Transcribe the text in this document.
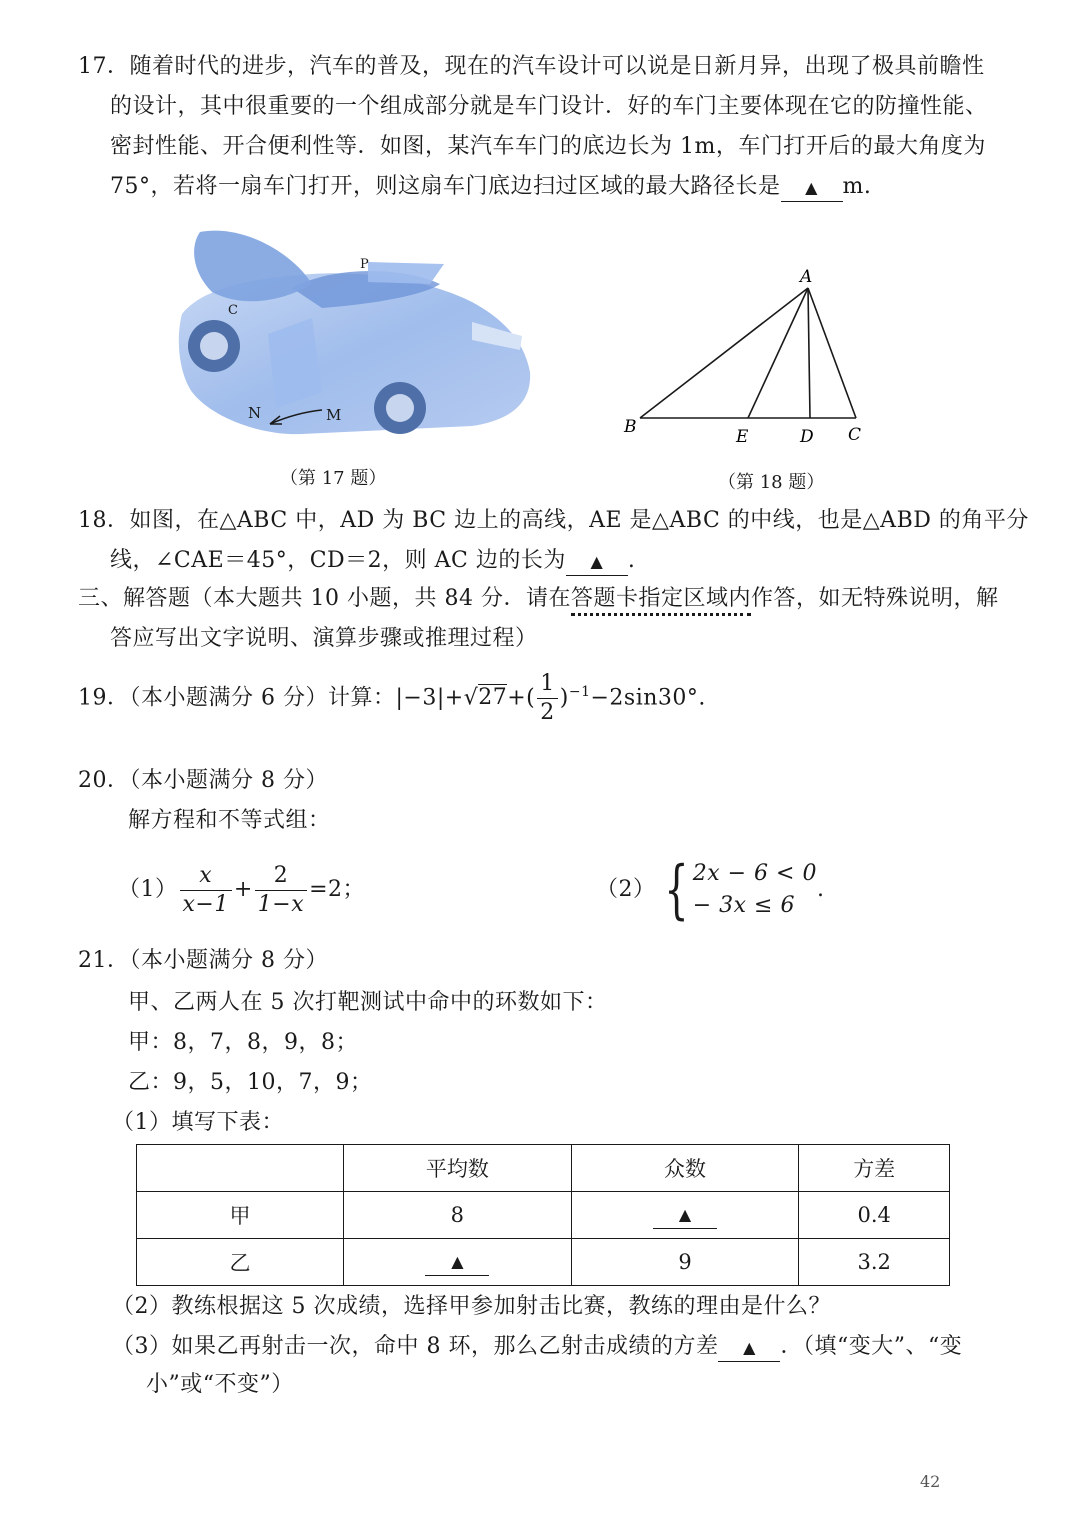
17．随着时代的进步，汽车的普及，现在的汽车设计可以说是日新月异，出现了极具前瞻性
的设计，其中很重要的一个组成部分就是车门设计．好的车门主要体现在它的防撞性能、
密封性能、开合便利性等．如图，某汽车车门的底边长为 1m，车门打开后的最大角度为
75°，若将一扇车门打开，则这扇车门底边扫过区域的最大路径长是 ▲ m.
N	M
C
P
（第 17 题）
A
B	E	D C
（第 18 题）
18．如图，在△ABC 中，AD 为 BC 边上的高线，AE 是△ABC 的中线，也是△ABD 的角平分
线，∠CAE＝45°，CD＝2，则 AC 边的长为 ▲ .
三、解答题（本大题共 10 小题，共 84 分．请在答题卡指定区域内作答，如无特殊说明，解
答应写出文字说明、演算步骤或推理过程）
19．（本小题满分 6 分）计算：$|-3|+√27+( \frac{1}{2} )^{-1}-2\sin 30^\circ$.
20．（本小题满分 8 分）
解方程和不等式组：
$(1) \frac{x}{x-1} + \frac{2}{1-x} =2$；	（2） { 2x − 6 < 0
− 3x ≤ 6
.
21．（本小题满分 8 分）
甲、乙两人在 5 次打靶测试中命中的环数如下：
甲：8，7，8，9，8；
乙：9，5，10，7，9；
（1）填写下表：
	平均数	众数	方差
甲	8	▲	0.4
乙	▲	9	3.2
（2）教练根据这 5 次成绩，选择甲参加射击比赛，教练的理由是什么？
（3）如果乙再射击一次，命中 8 环，那么乙射击成绩的方差 ▲ ．（填“变大”、“变
小”或“不变”）
42
